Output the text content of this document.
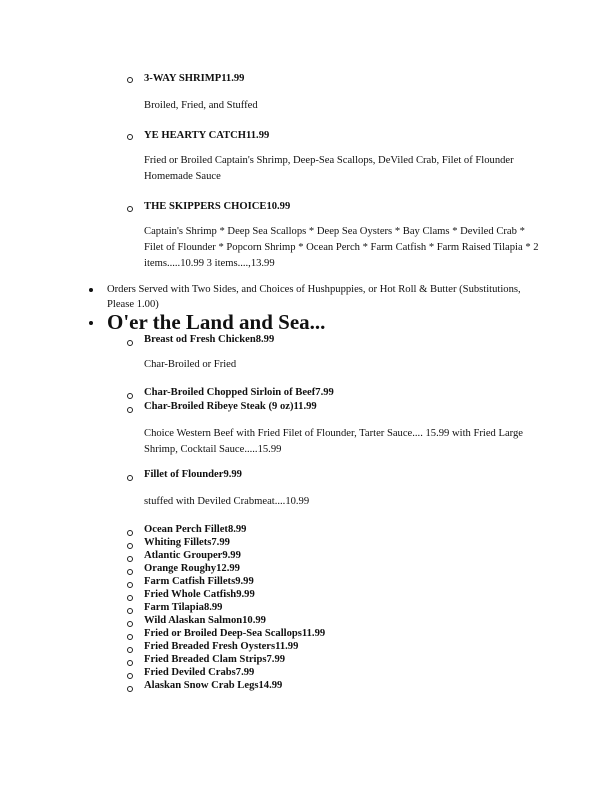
3-WAY SHRIMP11.99
Broiled, Fried, and Stuffed
YE HEARTY CATCH11.99
Fried or Broiled Captain's Shrimp, Deep-Sea Scallops, DeViled Crab, Filet of Flounder Homemade Sauce
THE SKIPPERS CHOICE10.99
Captain's Shrimp * Deep Sea Scallops * Deep Sea Oysters * Bay Clams * Deviled Crab * Filet of Flounder * Popcorn Shrimp * Ocean Perch * Farm Catfish * Farm Raised Tilapia * 2 items.....10.99 3 items....,13.99
Orders Served with Two Sides, and Choices of Hushpuppies, or Hot Roll & Butter (Substitutions, Please 1.00)
O'er the Land and Sea...
Breast od Fresh Chicken8.99
Char-Broiled or Fried
Char-Broiled Chopped Sirloin of Beef7.99
Char-Broiled Ribeye Steak (9 oz)11.99
Choice Western Beef with Fried Filet of Flounder, Tarter Sauce.... 15.99 with Fried Large Shrimp, Cocktail Sauce.....15.99
Fillet of Flounder9.99
stuffed with Deviled Crabmeat....10.99
Ocean Perch Fillet8.99
Whiting Fillets7.99
Atlantic Grouper9.99
Orange Roughy12.99
Farm Catfish Fillets9.99
Fried Whole Catfish9.99
Farm Tilapia8.99
Wild Alaskan Salmon10.99
Fried or Broiled Deep-Sea Scallops11.99
Fried Breaded Fresh Oysters11.99
Fried Breaded Clam Strips7.99
Fried Deviled Crabs7.99
Alaskan Snow Crab Legs14.99
